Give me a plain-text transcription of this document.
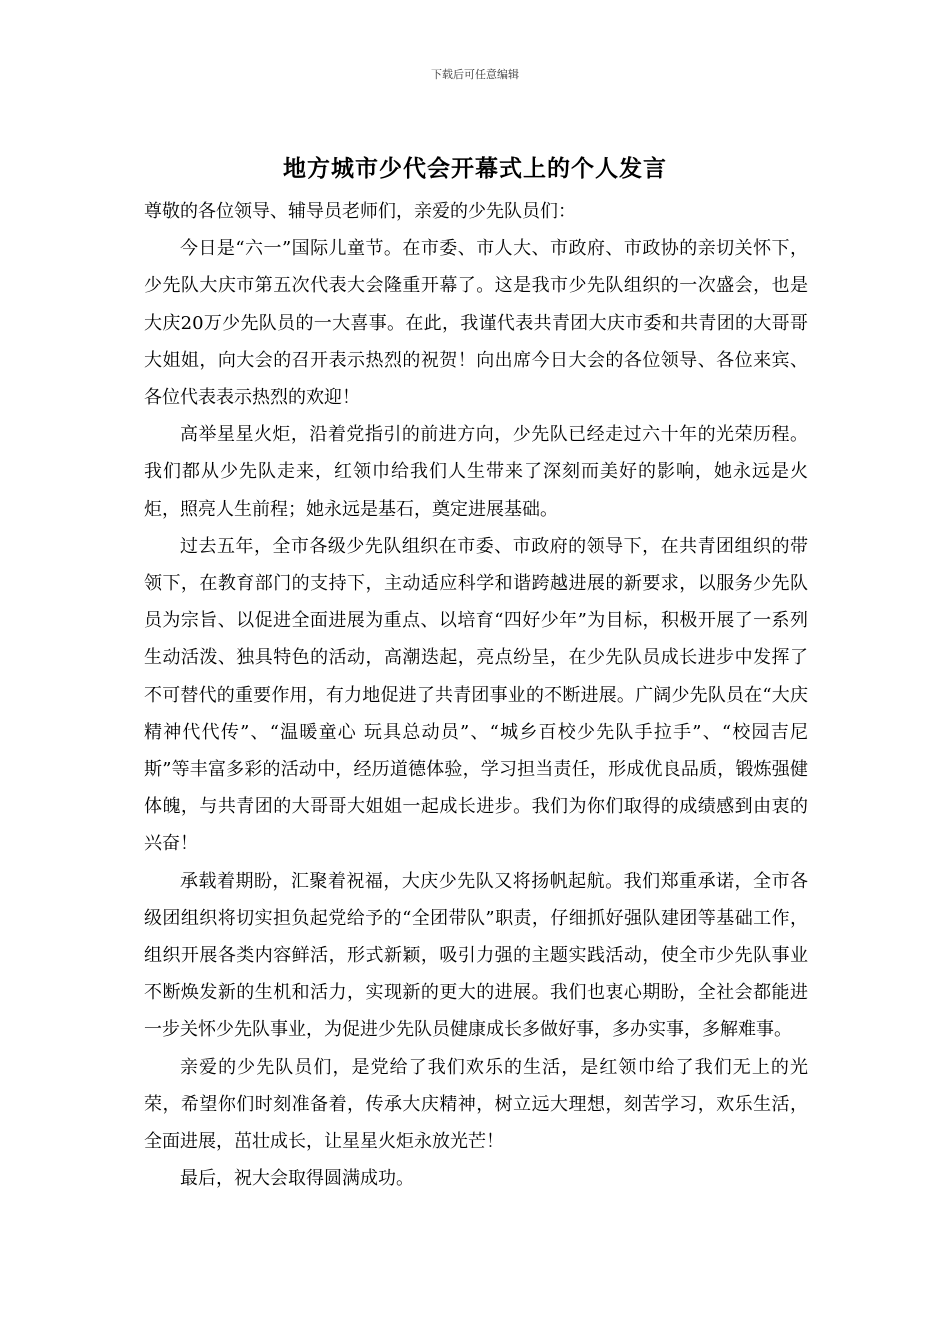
下载后可任意编辑
地方城市少代会开幕式上的个人发言

尊敬的各位领导、辅导员老师们，亲爱的少先队员们：

今日是“六一”国际儿童节。在市委、市人大、市政府、市政协的亲切关怀下，少先队大庆市第五次代表大会隆重开幕了。这是我市少先队组织的一次盛会，也是大庆20万少先队员的一大喜事。在此，我谨代表共青团大庆市委和共青团的大哥哥大姐姐，向大会的召开表示热烈的祝贺！向出席今日大会的各位领导、各位来宾、各位代表表示热烈的欢迎！

高举星星火炬，沿着党指引的前进方向，少先队已经走过六十年的光荣历程。我们都从少先队走来，红领巾给我们人生带来了深刻而美好的影响，她永远是火炬，照亮人生前程；她永远是基石，奠定进展基础。

过去五年，全市各级少先队组织在市委、市政府的领导下，在共青团组织的带领下，在教育部门的支持下，主动适应科学和谐跨越进展的新要求，以服务少先队员为宗旨、以促进全面进展为重点、以培育“四好少年”为目标，积极开展了一系列生动活泼、独具特色的活动，高潮迭起，亮点纷呈，在少先队员成长进步中发挥了不可替代的重要作用，有力地促进了共青团事业的不断进展。广阔少先队员在“大庆精神代代传”、“温暖童心 玩具总动员”、“城乡百校少先队手拉手”、“校园吉尼斯”等丰富多彩的活动中，经历道德体验，学习担当责任，形成优良品质，锻炼强健体魄，与共青团的大哥哥大姐姐一起成长进步。我们为你们取得的成绩感到由衷的兴奋！

承载着期盼，汇聚着祝福，大庆少先队又将扬帆起航。我们郑重承诺，全市各级团组织将切实担负起党给予的“全团带队”职责，仔细抓好强队建团等基础工作，组织开展各类内容鲜活，形式新颖，吸引力强的主题实践活动，使全市少先队事业不断焕发新的生机和活力，实现新的更大的进展。我们也衷心期盼，全社会都能进一步关怀少先队事业，为促进少先队员健康成长多做好事，多办实事，多解难事。

亲爱的少先队员们，是党给了我们欢乐的生活，是红领巾给了我们无上的光荣，希望你们时刻准备着，传承大庆精神，树立远大理想，刻苦学习，欢乐生活，全面进展，茁壮成长，让星星火炬永放光芒！

最后，祝大会取得圆满成功。
